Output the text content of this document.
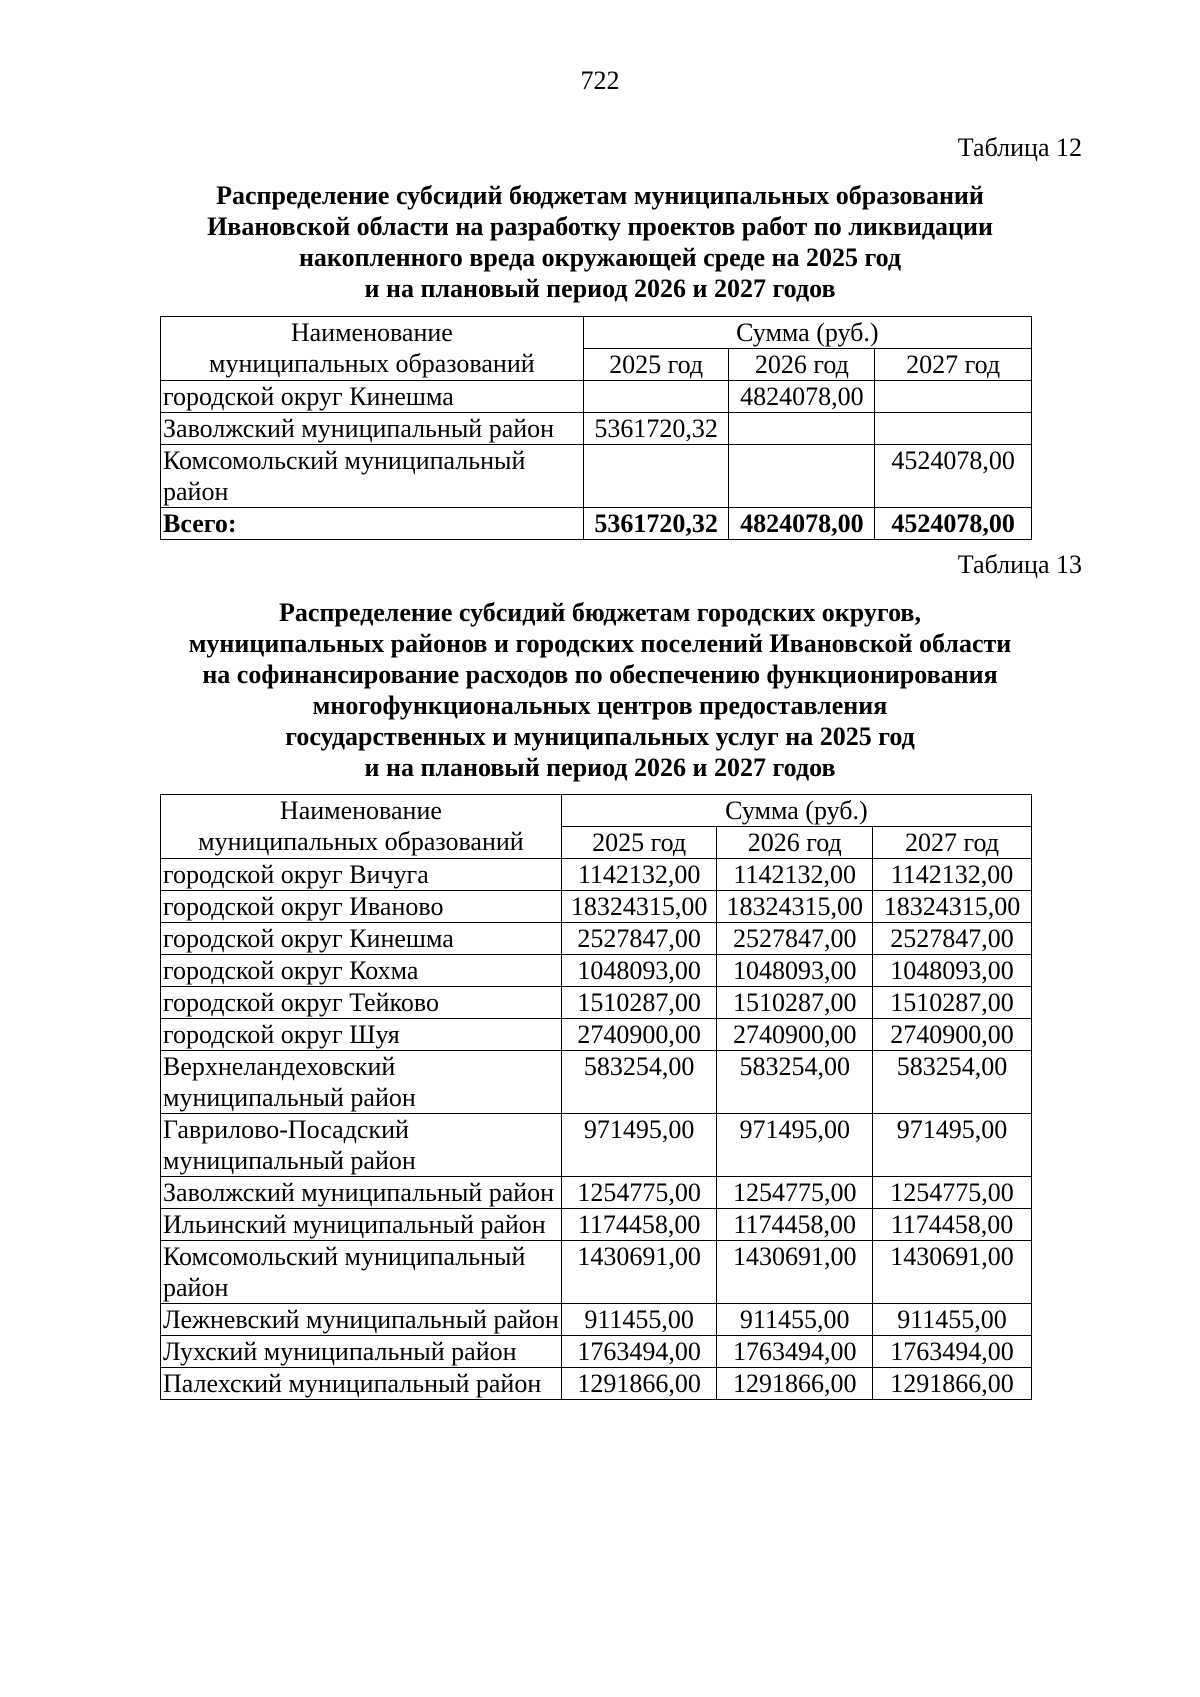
722
Таблица 12
Распределение субсидий бюджетам муниципальных образований
Ивановской области на разработку проектов работ по ликвидации
накопленного вреда окружающей среде на 2025 год
и на плановый период 2026 и 2027 годов
Наименование
муниципальных образований	Сумма (руб.)		
	2025 год	2026 год	2027 год
городской округ Кинешма		4824078,00	
Заволжский муниципальный район	5361720,32		
Комсомольский муниципальный район			4524078,00
Всего:	5361720,32	4824078,00	4524078,00
Таблица 13
Распределение субсидий бюджетам городских округов,
муниципальных районов и городских поселений Ивановской области
на софинансирование расходов по обеспечению функционирования
многофункциональных центров предоставления
государственных и муниципальных услуг на 2025 год
и на плановый период 2026 и 2027 годов
Наименование
муниципальных образований	Сумма (руб.)		
	2025 год	2026 год	2027 год
городской округ Вичуга	1142132,00	1142132,00	1142132,00
городской округ Иваново	18324315,00	18324315,00	18324315,00
городской округ Кинешма	2527847,00	2527847,00	2527847,00
городской округ Кохма	1048093,00	1048093,00	1048093,00
городской округ Тейково	1510287,00	1510287,00	1510287,00
городской округ Шуя	2740900,00	2740900,00	2740900,00
Верхнеландеховский муниципальный район	583254,00	583254,00	583254,00
Гаврилово-Посадский муниципальный район	971495,00	971495,00	971495,00
Заволжский муниципальный район	1254775,00	1254775,00	1254775,00
Ильинский муниципальный район	1174458,00	1174458,00	1174458,00
Комсомольский муниципальный район	1430691,00	1430691,00	1430691,00
Лежневский муниципальный район	911455,00	911455,00	911455,00
Лухский муниципальный район	1763494,00	1763494,00	1763494,00
Палехский муниципальный район	1291866,00	1291866,00	1291866,00
